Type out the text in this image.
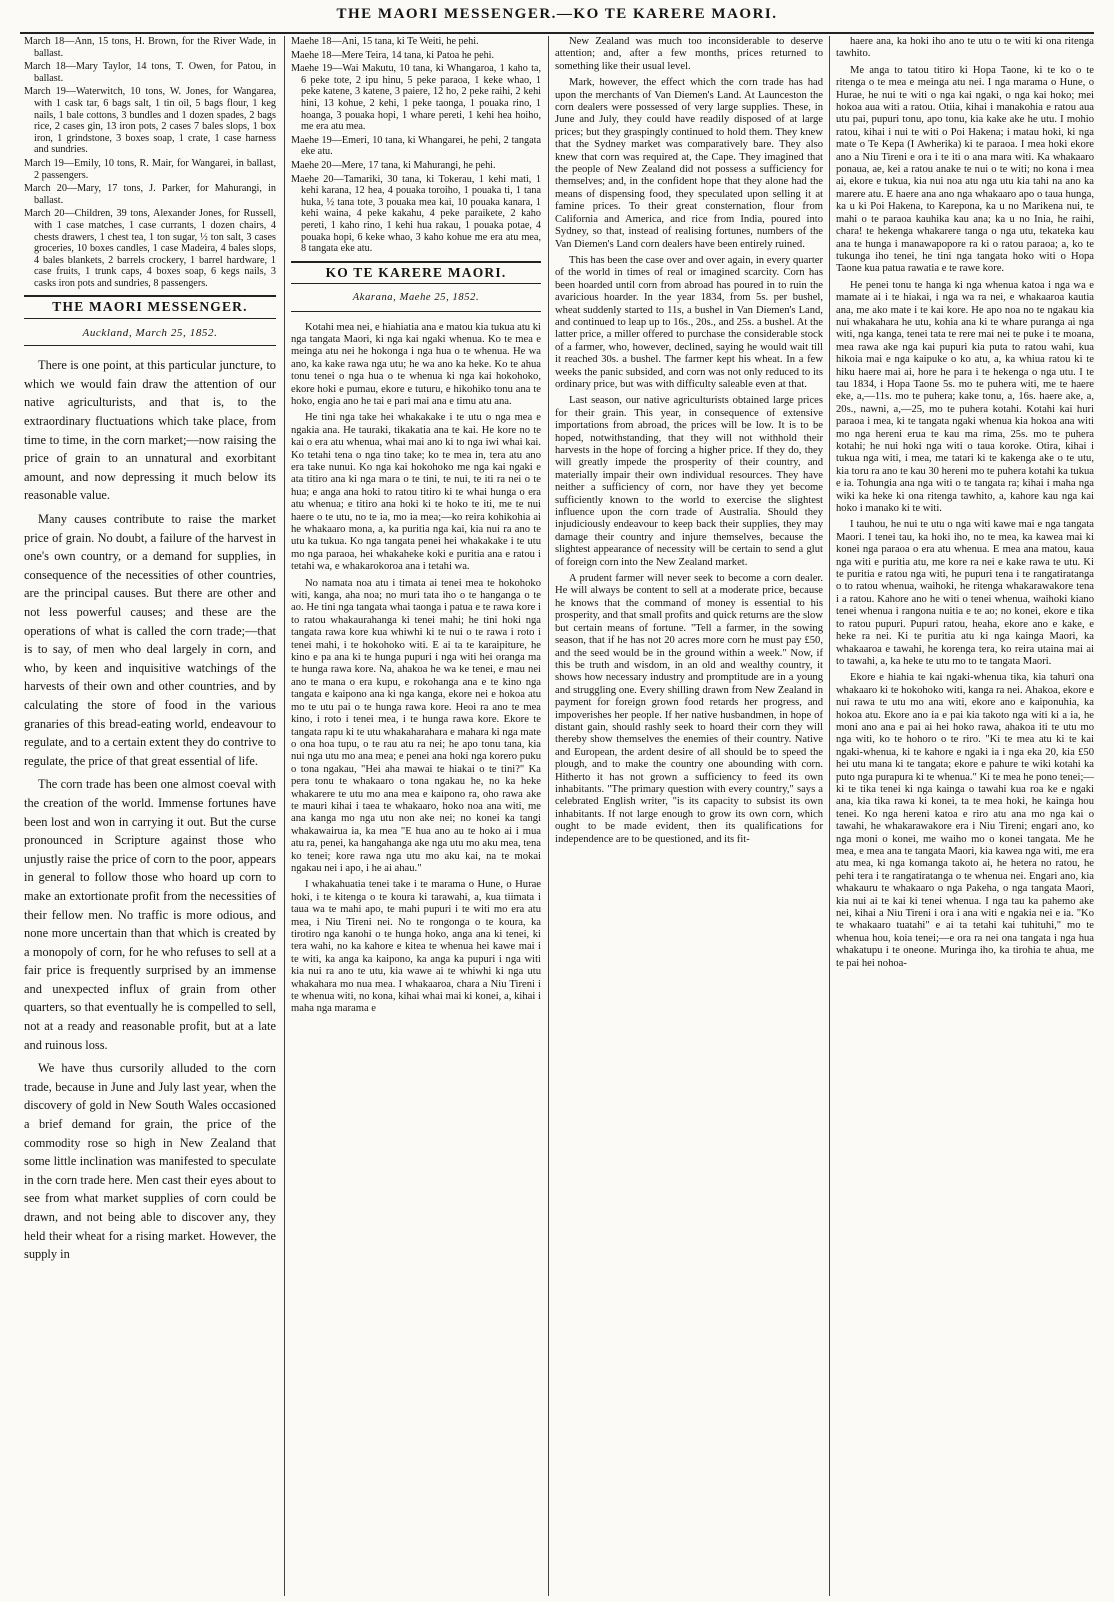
THE MAORI MESSENGER.—KO TE KARERE MAORI.

March 18—Ann, 15 tons, H. Brown, for the River Wade, in ballast.

March 18—Mary Taylor, 14 tons, T. Owen, for Patou, in ballast.

March 19—Waterwitch, 10 tons, W. Jones, for Wangarea, with 1 cask tar, 6 bags salt, 1 tin oil, 5 bags flour, 1 keg nails, 1 bale cottons, 3 bundles and 1 dozen spades, 2 bags rice, 2 cases gin, 13 iron pots, 2 cases 7 bales slops, 1 box iron, 1 grindstone, 3 boxes soap, 1 crate, 1 case harness and sundries.

March 19—Emily, 10 tons, R. Mair, for Wangarei, in ballast, 2 passengers.

March 20—Mary, 17 tons, J. Parker, for Mahurangi, in ballast.

March 20—Children, 39 tons, Alexander Jones, for Russell, with 1 case matches, 1 case currants, 1 dozen chairs, 4 chests drawers, 1 chest tea, 1 ton sugar, ½ ton salt, 3 cases groceries, 10 boxes candles, 1 case Madeira, 4 bales slops, 4 bales blankets, 2 barrels crockery, 1 barrel hardware, 1 case fruits, 1 trunk caps, 4 boxes soap, 6 kegs nails, 3 casks iron pots and sundries, 8 passengers.

THE MAORI MESSENGER.
Auckland, March 25, 1852.

There is one point, at this particular juncture, to which we would fain draw the attention of our native agriculturists, and that is, to the extraordinary fluctuations which take place, from time to time, in the corn market;—now raising the price of grain to an unnatural and exorbitant amount, and now depressing it much below its reasonable value.

Many causes contribute to raise the market price of grain. No doubt, a failure of the harvest in one's own country, or a demand for supplies, in consequence of the necessities of other countries, are the principal causes. But there are other and not less powerful causes; and these are the operations of what is called the corn trade;—that is to say, of men who deal largely in corn, and who, by keen and inquisitive watchings of the harvests of their own and other countries, and by calculating the store of food in the various granaries of this bread-eating world, endeavour to regulate, and to a certain extent they do contrive to regulate, the price of that great essential of life.

The corn trade has been one almost coeval with the creation of the world. Immense fortunes have been lost and won in carrying it out. But the curse pronounced in Scripture against those who unjustly raise the price of corn to the poor, appears in general to follow those who hoard up corn to make an extortionate profit from the necessities of their fellow men. No traffic is more odious, and none more uncertain than that which is created by a monopoly of corn, for he who refuses to sell at a fair price is frequently surprised by an immense and unexpected influx of grain from other quarters, so that eventually he is compelled to sell, not at a ready and reasonable profit, but at a late and ruinous loss.

We have thus cursorily alluded to the corn trade, because in June and July last year, when the discovery of gold in New South Wales occasioned a brief demand for grain, the price of the commodity rose so high in New Zealand that some little inclination was manifested to speculate in the corn trade here. Men cast their eyes about to see from what market supplies of corn could be drawn, and not being able to discover any, they held their wheat for a rising market. However, the supply in

Maehe 18—Ani, 15 tana, ki Te Weiti, he pehi.

Maehe 18—Mere Teira, 14 tana, ki Patoa he pehi.

Maehe 19—Wai Makutu, 10 tana, ki Whangaroa, 1 kaho ta, 6 peke tote, 2 ipu hinu, 5 peke paraoa, 1 keke whao, 1 peke katene, 3 katene, 3 paiere, 12 ho, 2 peke raihi, 2 kehi hini, 13 kohue, 2 kehi, 1 peke taonga, 1 pouaka rino, 1 hoanga, 3 pouaka hopi, 1 whare pereti, 1 kehi hea hoiho, me era atu mea.

Maehe 19—Emeri, 10 tana, ki Whangarei, he pehi, 2 tangata eke atu.

Maehe 20—Mere, 17 tana, ki Mahurangi, he pehi.

Maehe 20—Tamariki, 30 tana, ki Tokerau, 1 kehi mati, 1 kehi karana, 12 hea, 4 pouaka toroiho, 1 pouaka ti, 1 tana huka, ½ tana tote, 3 pouaka mea kai, 10 pouaka kanara, 1 kehi waina, 4 peke kakahu, 4 peke paraikete, 2 kaho pereti, 1 kaho rino, 1 kehi hua rakau, 1 pouaka potae, 4 pouaka hopi, 6 keke whao, 3 kaho kohue me era atu mea, 8 tangata eke atu.

KO TE KARERE MAORI.
Akarana, Maehe 25, 1852.

Kotahi mea nei, e hiahiatia ana e matou kia tukua atu ki nga tangata Maori, ki nga kai ngaki whenua. Ko te mea e meinga atu nei he hokonga i nga hua o te whenua. He wa ano, ka kake rawa nga utu; he wa ano ka heke. Ko te ahua tonu tenei o nga hua o te whenua ki nga kai hokohoko, ekore hoki e pumau, ekore e tuturu, e hikohiko tonu ana te hoko, engia ano he tai e pari mai ana e timu atu ana.

He tini nga take hei whakakake i te utu o nga mea e ngakia ana. He tauraki, tikakatia ana te kai. He kore no te kai o era atu whenua, whai mai ano ki to nga iwi whai kai. Ko tetahi tena o nga tino take; ko te mea in, tera atu ano era take nunui. Ko nga kai hokohoko me nga kai ngaki e ata titiro ana ki nga mara o te tini, te nui, te iti ra nei o te hua; e anga ana hoki to ratou titiro ki te whai hunga o era atu whenua; e titiro ana hoki ki te hoko te iti, me te nui haere o te utu, no te ia, mo ia mea;—ko reira kohikohia ai he whakaaro mona, a, ka puritia nga kai, kia nui ra ano te utu ka tukua. Ko nga tangata penei hei whakakake i te utu mo nga paraoa, hei whakaheke koki e puritia ana e ratou i tetahi wa, e whakarokoroa ana i tetahi wa.

No namata noa atu i timata ai tenei mea te hokohoko witi, kanga, aha noa; no muri tata iho o te hanganga o te ao. He tini nga tangata whai taonga i patua e te rawa kore i to ratou whakaurahanga ki tenei mahi; he tini hoki nga tangata rawa kore kua whiwhi ki te nui o te rawa i roto i tenei mahi, i te hokohoko witi. E ai ta te karaipiture, he kino e pa ana ki te hunga pupuri i nga witi hei oranga ma te hunga rawa kore. Na, ahakoa he wa ke tenei, e mau nei ano te mana o era kupu, e rokohanga ana e te kino nga tangata e kaipono ana ki nga kanga, ekore nei e hokoa atu mo te utu pai o te hunga rawa kore. Heoi ra ano te mea kino, i roto i tenei mea, i te hunga rawa kore. Ekore te tangata rapu ki te utu whakaharahara e mahara ki nga mate o ona hoa tupu, o te rau atu ra nei; he apo tonu tana, kia nui nga utu mo ana mea; e penei ana hoki nga korero puku o tona ngakau, "Hei aha mawai te hiakai o te tini?" Ka pera tonu te whakaaro o tona ngakau he, no ka heke whakarere te utu mo ana mea e kaipono ra, oho rawa ake te mauri kihai i taea te whakaaro, hoko noa ana witi, me ana kanga mo nga utu non ake nei; no konei ka tangi whakawairua ia, ka mea "E hua ano au te hoko ai i mua atu ra, penei, ka hangahanga ake nga utu mo aku mea, tena ko tenei; kore rawa nga utu mo aku kai, na te mokai ngakau nei i apo, i he ai ahau."

I whakahuatia tenei take i te marama o Hune, o Hurae hoki, i te kitenga o te koura ki tarawahi, a, kua tiimata i taua wa te mahi apo, te mahi pupuri i te witi mo era atu mea, i Niu Tireni nei. No te rongonga o te koura, ka tirotiro nga kanohi o te hunga hoko, anga ana ki tenei, ki tera wahi, no ka kahore e kitea te whenua hei kawe mai i te witi, ka anga ka kaipono, ka anga ka pupuri i nga witi kia nui ra ano te utu, kia wawe ai te whiwhi ki nga utu whakahara mo nua mea. I whakaaroa, chara a Niu Tireni i te whenua witi, no kona, kihai whai mai ki konei, a, kihai i maha nga marama e

New Zealand was much too inconsiderable to deserve attention; and, after a few months, prices returned to something like their usual level.

Mark, however, the effect which the corn trade has had upon the merchants of Van Diemen's Land. At Launceston the corn dealers were possessed of very large supplies. These, in June and July, they could have readily disposed of at large prices; but they graspingly continued to hold them. They knew that the Sydney market was comparatively bare. They also knew that corn was required at, the Cape. They imagined that the people of New Zealand did not possess a sufficiency for themselves; and, in the confident hope that they alone had the means of dispensing food, they speculated upon selling it at famine prices. To their great consternation, flour from California and America, and rice from India, poured into Sydney, so that, instead of realising fortunes, numbers of the Van Diemen's Land corn dealers have been entirely ruined.

This has been the case over and over again, in every quarter of the world in times of real or imagined scarcity. Corn has been hoarded until corn from abroad has poured in to ruin the avaricious hoarder. In the year 1834, from 5s. per bushel, wheat suddenly started to 11s, a bushel in Van Diemen's Land, and continued to leap up to 16s., 20s., and 25s. a bushel. At the latter price, a miller offered to purchase the considerable stock of a farmer, who, however, declined, saying he would wait till it reached 30s. a bushel. The farmer kept his wheat. In a few weeks the panic subsided, and corn was not only reduced to its ordinary price, but was with difficulty saleable even at that.

Last season, our native agriculturists obtained large prices for their grain. This year, in consequence of extensive importations from abroad, the prices will be low. It is to be hoped, notwithstanding, that they will not withhold their harvests in the hope of forcing a higher price. If they do, they will greatly impede the prosperity of their country, and materially impair their own individual resources. They have neither a sufficiency of corn, nor have they yet become sufficiently known to the world to exercise the slightest influence upon the corn trade of Australia. Should they injudiciously endeavour to keep back their supplies, they may damage their country and injure themselves, because the slightest appearance of necessity will be certain to send a glut of foreign corn into the New Zealand market.

A prudent farmer will never seek to become a corn dealer. He will always be content to sell at a moderate price, because he knows that the command of money is essential to his prosperity, and that small profits and quick returns are the slow but certain means of fortune. "Tell a farmer, in the sowing season, that if he has not 20 acres more corn he must pay £50, and the seed would be in the ground within a week." Now, if this be truth and wisdom, in an old and wealthy country, it shows how necessary industry and promptitude are in a young and struggling one. Every shilling drawn from New Zealand in payment for foreign grown food retards her progress, and impoverishes her people. If her native husbandmen, in hope of distant gain, should rashly seek to hoard their corn they will thereby show themselves the enemies of their country. Native and European, the ardent desire of all should be to speed the plough, and to make the country one abounding with corn. Hitherto it has not grown a sufficiency to feed its own inhabitants. "The primary question with every country," says a celebrated English writer, "is its capacity to subsist its own inhabitants. If not large enough to grow its own corn, which ought to be made evident, then its qualifications for independence are to be questioned, and its fit-

haere ana, ka hoki iho ano te utu o te witi ki ona ritenga tawhito.

Me anga to tatou titiro ki Hopa Taone, ki te ko o te ritenga o te mea e meinga atu nei. I nga marama o Hune, o Hurae, he nui te witi o nga kai ngaki, o nga kai hoko; mei hokoa aua witi a ratou. Otiia, kihai i manakohia e ratou aua utu pai, pupuri tonu, apo tonu, kia kake ake he utu. I mohio ratou, kihai i nui te witi o Poi Hakena; i matau hoki, ki nga mate o Te Kepa (I Awherika) ki te paraoa. I mea hoki ekore ano a Niu Tireni e ora i te iti o ana mara witi. Ka whakaaro ponaua, ae, kei a ratou anake te nui o te witi; no kona i mea ai, ekore e tukua, kia nui noa atu nga utu kia tahi na ano ka marere atu. E haere ana ano nga whakaaro apo o taua hunga, ka u ki Poi Hakena, to Karepona, ka u no Marikena nui, te mahi o te paraoa kauhika kau ana; ka u no Inia, he raihi, chara! te hekenga whakarere tanga o nga utu, tekateka kau ana te hunga i manawapopore ra ki o ratou paraoa; a, ko te tukunga iho tenei, he tini nga tangata hoko witi o Hopa Taone kua patua rawatia e te rawe kore.

He penei tonu te hanga ki nga whenua katoa i nga wa e mamate ai i te hiakai, i nga wa ra nei, e whakaaroa kautia ana, me ako mate i te kai kore. He apo noa no te ngakau kia nui whakahara he utu, kohia ana ki te whare puranga ai nga witi, nga kanga, tenei tata te rere mai nei te puke i te moana, mea rawa ake nga kai pupuri kia puta to ratou wahi, kua hikoia mai e nga kaipuke o ko atu, a, ka whiua ratou ki te hiku haere mai ai, hore he para i te hekenga o nga utu. I te tau 1834, i Hopa Taone 5s. mo te puhera witi, me te haere eke, a,—11s. mo te puhera; kake tonu, a, 16s. haere ake, a, 20s., nawni, a,—25, mo te puhera kotahi. Kotahi kai huri paraoa i mea, ki te tangata ngaki whenua kia hokoa ana witi mo nga hereni erua te kau ma rima, 25s. mo te puhera kotahi; he nui hoki nga witi o taua koroke. Otira, kihai i tukua nga witi, i mea, me tatari ki te kakenga ake o te utu, kia toru ra ano te kau 30 hereni mo te puhera kotahi ka tukua e ia. Tohungia ana nga witi o te tangata ra; kihai i maha nga wiki ka heke ki ona ritenga tawhito, a, kahore kau nga kai hoko i manako ki te witi.

I tauhou, he nui te utu o nga witi kawe mai e nga tangata Maori. I tenei tau, ka hoki iho, no te mea, ka kawea mai ki konei nga paraoa o era atu whenua. E mea ana matou, kaua nga witi e puritia atu, me kore ra nei e kake rawa te utu. Ki te puritia e ratou nga witi, he pupuri tena i te rangatiratanga o to ratou whenua, waihoki, he ritenga whakarawakore tena i a ratou. Kahore ano he witi o tenei whenua, waihoki kiano tenei whenua i rangona nuitia e te ao; no konei, ekore e tika to ratou pupuri. Pupuri ratou, heaha, ekore ano e kake, e heke ra nei. Ki te puritia atu ki nga kainga Maori, ka whakaaroa e tawahi, he korenga tera, ko reira utaina mai ai to tawahi, a, ka heke te utu mo to te tangata Maori.

Ekore e hiahia te kai ngaki-whenua tika, kia tahuri ona whakaaro ki te hokohoko witi, kanga ra nei. Ahakoa, ekore e nui rawa te utu mo ana witi, ekore ano e kaiponuhia, ka hokoa atu. Ekore ano ia e pai kia takoto nga witi ki a ia, he moni ano ana e pai ai hei hoko rawa, ahakoa iti te utu mo nga witi, ko te hohoro o te riro. "Ki te mea atu ki te kai ngaki-whenua, ki te kahore e ngaki ia i nga eka 20, kia £50 hei utu mana ki te tangata; ekore e pahure te wiki kotahi ka puto nga purapura ki te whenua." Ki te mea he pono tenei;—ki te tika tenei ki nga kainga o tawahi kua roa ke e ngaki ana, kia tika rawa ki konei, ta te mea hoki, he kainga hou tenei. Ko nga hereni katoa e riro atu ana mo nga kai o tawahi, he whakarawakore era i Niu Tireni; engari ano, ko nga moni o konei, me waiho mo o konei tangata. Me he mea, e mea ana te tangata Maori, kia kawea nga witi, me era atu mea, ki nga komanga takoto ai, he hetera no ratou, he pehi tera i te rangatiratanga o te whenua nei. Engari ano, kia whakauru te whakaaro o nga Pakeha, o nga tangata Maori, kia nui ai te kai ki tenei whenua. I nga tau ka pahemo ake nei, kihai a Niu Tireni i ora i ana witi e ngakia nei e ia. "Ko te whakaaro tuatahi" e ai ta tetahi kai tuhituhi," mo te whenua hou, koia tenei;—e ora ra nei ona tangata i nga hua whakatupu i te oneone. Muringa iho, ka tirohia te ahua, me te pai hei nohoa-
